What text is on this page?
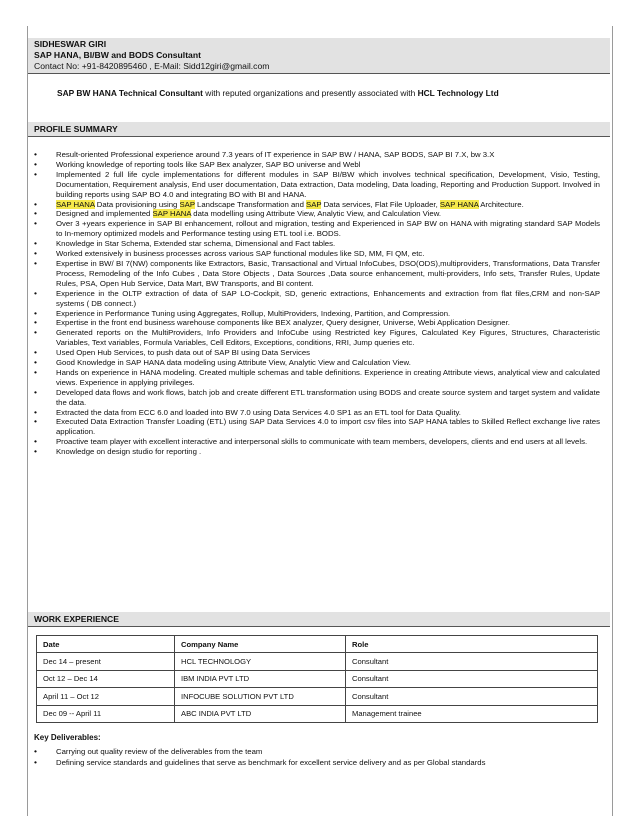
SIDHESWAR GIRI
SAP HANA, BI/BW and BODS Consultant
Contact No: +91-8420895460 , E-Mail: Sidd12giri@gmail.com
SAP BW HANA Technical Consultant with reputed organizations and presently associated with HCL Technology Ltd
PROFILE SUMMARY
• Result-oriented Professional experience around 7.3 years of IT experience in SAP BW / HANA, SAP BODS, SAP BI 7.X, bw 3.X
• Working knowledge of reporting tools like SAP Bex analyzer, SAP BO universe and Webl
• Implemented 2 full life cycle implementations for different modules in SAP BI/BW which involves technical specification, Development, Visio, Testing, Documentation, Requirement analysis, End user documentation, Data extraction, Data modeling, Data loading, Reporting and Production Support. Involved in building reports using SAP BO 4.0 and integrating BO with BI and HANA.
• SAP HANA Data provisioning using SAP Landscape Transformation and SAP Data services, Flat File Uploader, SAP HANA Architecture.
• Designed and implemented SAP HANA data modelling using Attribute View, Analytic View, and Calculation View.
• Over 3 +years experience in SAP BI enhancement, rollout and migration, testing and Experienced in SAP BW on HANA with migrating standard SAP Models to In-memory optimized models and Performance testing using ETL tool i.e. BODS.
• Knowledge in Star Schema, Extended star schema, Dimensional and Fact tables.
• Worked extensively in business processes across various SAP functional modules like SD, MM, FI QM, etc.
• Expertise in BW/ BI 7(NW) components like Extractors, Basic, Transactional and Virtual InfoCubes, DSO(ODS),multiproviders, Transformations, Data Transfer Process, Remodeling of the Info Cubes , Data Store Objects , Data Sources ,Data source enhancement, multi-providers, Info sets, Transfer Rules, Update Rules, PSA, Open Hub Service, Data Mart, BW Transports, and BI content.
• Experience in the OLTP extraction of data of SAP LO-Cockpit, SD, generic extractions, Enhancements and extraction from flat files,CRM and non-SAP systems ( DB connect.)
• Experience in Performance Tuning using Aggregates, Rollup, MultiProviders, Indexing, Partition, and Compression.
• Expertise in the front end business warehouse components like BEX analyzer, Query designer, Universe, Webi Application Designer.
• Generated reports on the MultiProviders, Info Providers and InfoCube using Restricted key Figures, Calculated Key Figures, Structures, Characteristic Variables, Text variables, Formula Variables, Cell Editors, Exceptions, conditions, RRI, Jump queries etc.
• Used Open Hub Services, to push data out of SAP BI using Data Services
• Good Knowledge in SAP HANA data modeling using Attribute View, Analytic View and Calculation View.
• Hands on experience in HANA modeling. Created multiple schemas and table definitions. Experience in creating Attribute views, analytical view and calculated views. Experience in applying privileges.
• Developed data flows and work flows, batch job and create different ETL transformation using BODS and create source system and target system and validate the data.
• Extracted the data from ECC 6.0 and loaded into BW 7.0 using Data Services 4.0 SP1 as an ETL tool for Data Quality.
• Executed Data Extraction Transfer Loading (ETL) using SAP Data Services 4.0 to import csv files into SAP HANA tables to Skilled Reflect exchange live rates application.
• Proactive team player with excellent interactive and interpersonal skills to communicate with team members, developers, clients and end users at all levels.
• Knowledge on design studio for reporting .
WORK EXPERIENCE
Date	Company Name	Role
Dec 14 – present	HCL TECHNOLOGY	Consultant
Oct 12 – Dec 14	IBM INDIA PVT LTD	Consultant
April 11 – Oct 12	INFOCUBE SOLUTION PVT LTD	Consultant
Dec 09 -- April 11	ABC INDIA PVT LTD	Management trainee
Key Deliverables:
• Carrying out quality review of the deliverables from the team
• Defining service standards and guidelines that serve as benchmark for excellent service delivery and as per Global standards
